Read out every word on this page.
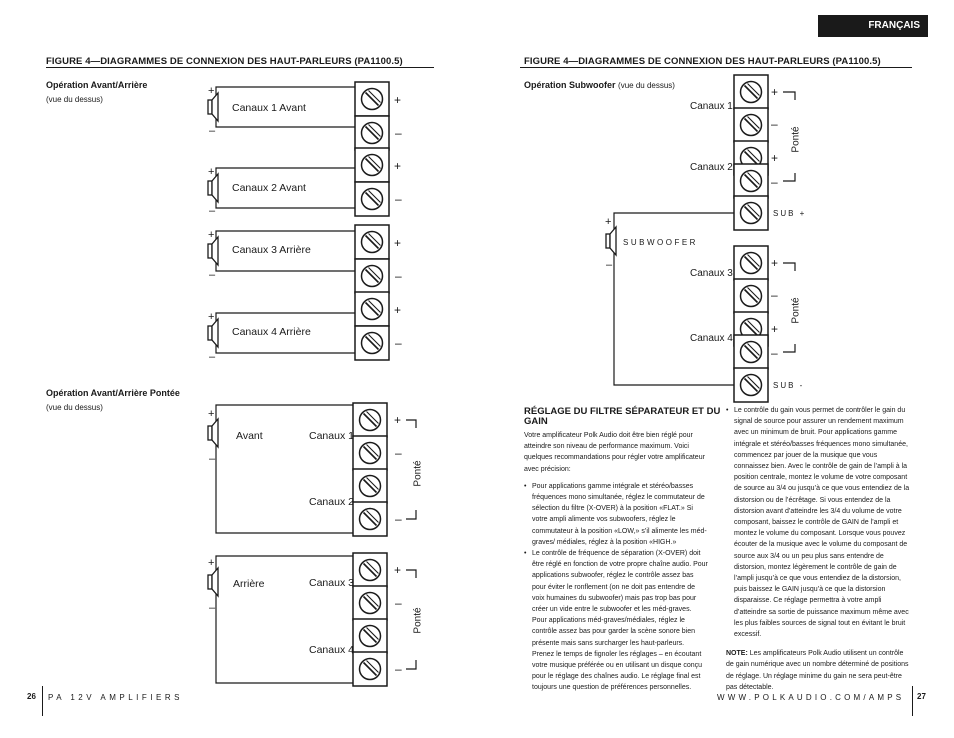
FRANÇAIS
FIGURE 4—DIAGRAMMES DE CONNEXION DES HAUT-PARLEURS (PA1100.5)
Opération Avant/Arrière
(vue du dessus)
Opération Avant/Arrière Pontée
(vue du dessus)
FIGURE 4—DIAGRAMMES DE CONNEXION DES HAUT-PARLEURS (PA1100.5)
Opération Subwoofer (vue du dessus)
+
–
+
–
+
–
+
–
+
–
+
–
+
–
+
–
+
–
+
–
+
–
–
+
–
–
+
–
+
–
+
–
+
–
+
–
Canaux 1 Avant
Canaux 2 Avant
Canaux 3 Arrière
Canaux 4 Arrière
Avant	Canaux 1
Canaux 2
Ponté
Arrière	Canaux 3
Canaux 4
Ponté
Canaux 1
Canaux 2
Canaux 3
Canaux 4
Ponté
Ponté
SUB +
SUB -
SUBWOOFER
RÉGLAGE DU FILTRE SÉPARATEUR ET DU GAIN

Votre amplificateur Polk Audio doit être bien réglé pour atteindre son niveau de performance maximum. Voici quelques recommandations pour régler votre amplificateur avec précision:

• Pour applications gamme intégrale et stéréo/basses fréquences mono simultanée, réglez le commutateur de sélection du filtre (X-OVER) à la position «FLAT.» Si votre ampli alimente vos subwoofers, réglez le commutateur à la position «LOW,» s’il alimente les méd-graves/ médiales, réglez à la position «HIGH.»
• Le contrôle de fréquence de séparation (X-OVER) doit être réglé en fonction de votre propre chaîne audio. Pour applications subwoofer, réglez le contrôle assez bas pour éviter le ronflement (on ne doit pas entendre de voix humaines du subwoofer) mais pas trop bas pour créer un vide entre le subwoofer et les méd-graves. Pour applications méd-graves/médiales, réglez le contrôle assez bas pour garder la scène sonore bien présente mais sans surcharger les haut-parleurs. Prenez le temps de fignoler les réglages – en écoutant votre musique préférée ou en utilisant un disque conçu pour le réglage des chaînes audio. Le réglage final est toujours une question de préférences personnelles.
• Le contrôle du gain vous permet de contrôler le gain du signal de source pour assurer un rendement maximum avec un minimum de bruit. Pour applications gamme intégrale et stéréo/basses fréquences mono simultanée, commencez par jouer de la musique que vous connaissez bien. Avec le contrôle de gain de l’ampli à la position centrale, montez le volume de votre composant de source au 3/4 ou jusqu’à ce que vous entendiez de la distorsion ou de l’écrêtage. Si vous entendez de la distorsion avant d’atteindre les 3/4 du volume de votre composant, baissez le contrôle de GAIN de l’ampli et montez le volume du composant. Lorsque vous pouvez écouter de la musique avec le volume du composant de source aux 3/4 ou un peu plus sans entendre de distorsion, montez légèrement le contrôle de gain de l’ampli jusqu’à ce que vous entendiez de la distorsion, puis baissez le GAIN jusqu’à ce que la distorsion disparaisse. Ce réglage permettra à votre ampli d’atteindre sa sortie de puissance maximum même avec les plus faibles sources de signal tout en évitant le bruit excessif.

NOTE: Les amplificateurs Polk Audio utilisent un contrôle de gain numérique avec un nombre déterminé de positions de réglage. Un réglage minime du gain ne sera peut-être pas détectable.

26 PA 12V AMPLIFIERS	WWW.POLKAUDIO.COM/AMPS 27
